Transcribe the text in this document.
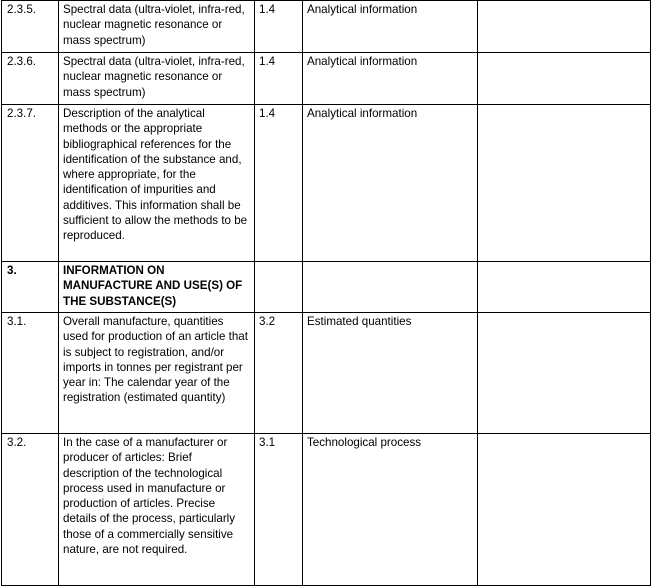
2.3.5.	Spectral data (ultra-violet, infra-red, nuclear magnetic resonance or mass spectrum)	1.4	Analytical information	
2.3.6.	Spectral data (ultra-violet, infra-red, nuclear magnetic resonance or mass spectrum)	1.4	Analytical information	
2.3.7.	Description of the analytical methods or the appropriate bibliographical references for the identification of the substance and, where appropriate, for the identification of impurities and additives. This information shall be sufficient to allow the methods to be reproduced.	1.4	Analytical information	
3.	INFORMATION ON MANUFACTURE AND USE(S) OF THE SUBSTANCE(S)			
3.1.	Overall manufacture, quantities used for production of an article that is subject to registration, and/or imports in tonnes per registrant per year in: The calendar year of the registration (estimated quantity)	3.2	Estimated quantities	
3.2.	In the case of a manufacturer or producer of articles: Brief description of the technological process used in manufacture or production of articles. Precise details of the process, particularly those of a commercially sensitive nature, are not required.	3.1	Technological process	
